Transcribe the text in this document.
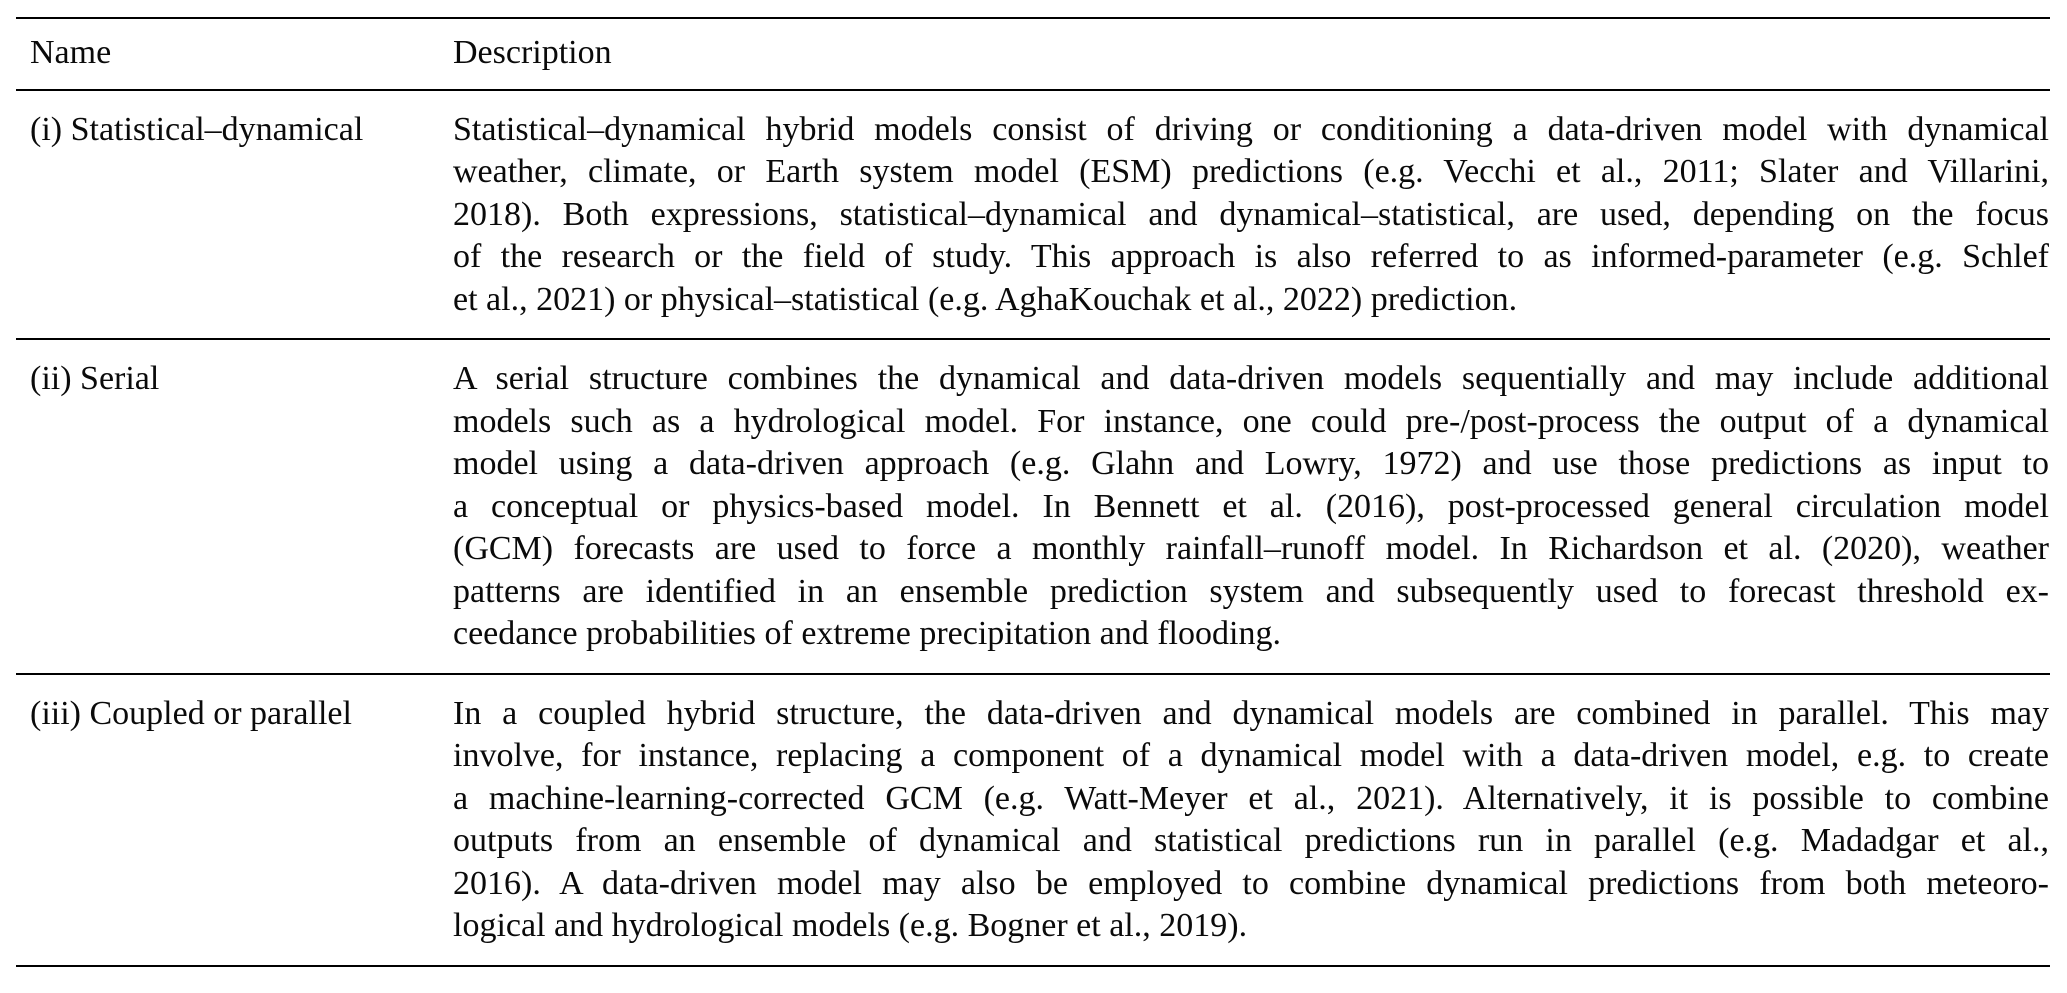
Name	Description
(i) Statistical–dynamical	Statistical–dynamical hybrid models consist of driving or conditioning a data-driven model with dynamical
weather, climate, or Earth system model (ESM) predictions (e.g. Vecchi et al., 2011; Slater and Villarini,
2018). Both expressions, statistical–dynamical and dynamical–statistical, are used, depending on the focus
of the research or the field of study. This approach is also referred to as informed-parameter (e.g. Schlef
et al., 2021) or physical–statistical (e.g. AghaKouchak et al., 2022) prediction.
(ii) Serial	A serial structure combines the dynamical and data-driven models sequentially and may include additional
models such as a hydrological model. For instance, one could pre-/post-process the output of a dynamical
model using a data-driven approach (e.g. Glahn and Lowry, 1972) and use those predictions as input to
a conceptual or physics-based model. In Bennett et al. (2016), post-processed general circulation model
(GCM) forecasts are used to force a monthly rainfall–runoff model. In Richardson et al. (2020), weather
patterns are identified in an ensemble prediction system and subsequently used to forecast threshold ex-
ceedance probabilities of extreme precipitation and flooding.
(iii) Coupled or parallel	In a coupled hybrid structure, the data-driven and dynamical models are combined in parallel. This may
involve, for instance, replacing a component of a dynamical model with a data-driven model, e.g. to create
a machine-learning-corrected GCM (e.g. Watt-Meyer et al., 2021). Alternatively, it is possible to combine
outputs from an ensemble of dynamical and statistical predictions run in parallel (e.g. Madadgar et al.,
2016). A data-driven model may also be employed to combine dynamical predictions from both meteoro-
logical and hydrological models (e.g. Bogner et al., 2019).
